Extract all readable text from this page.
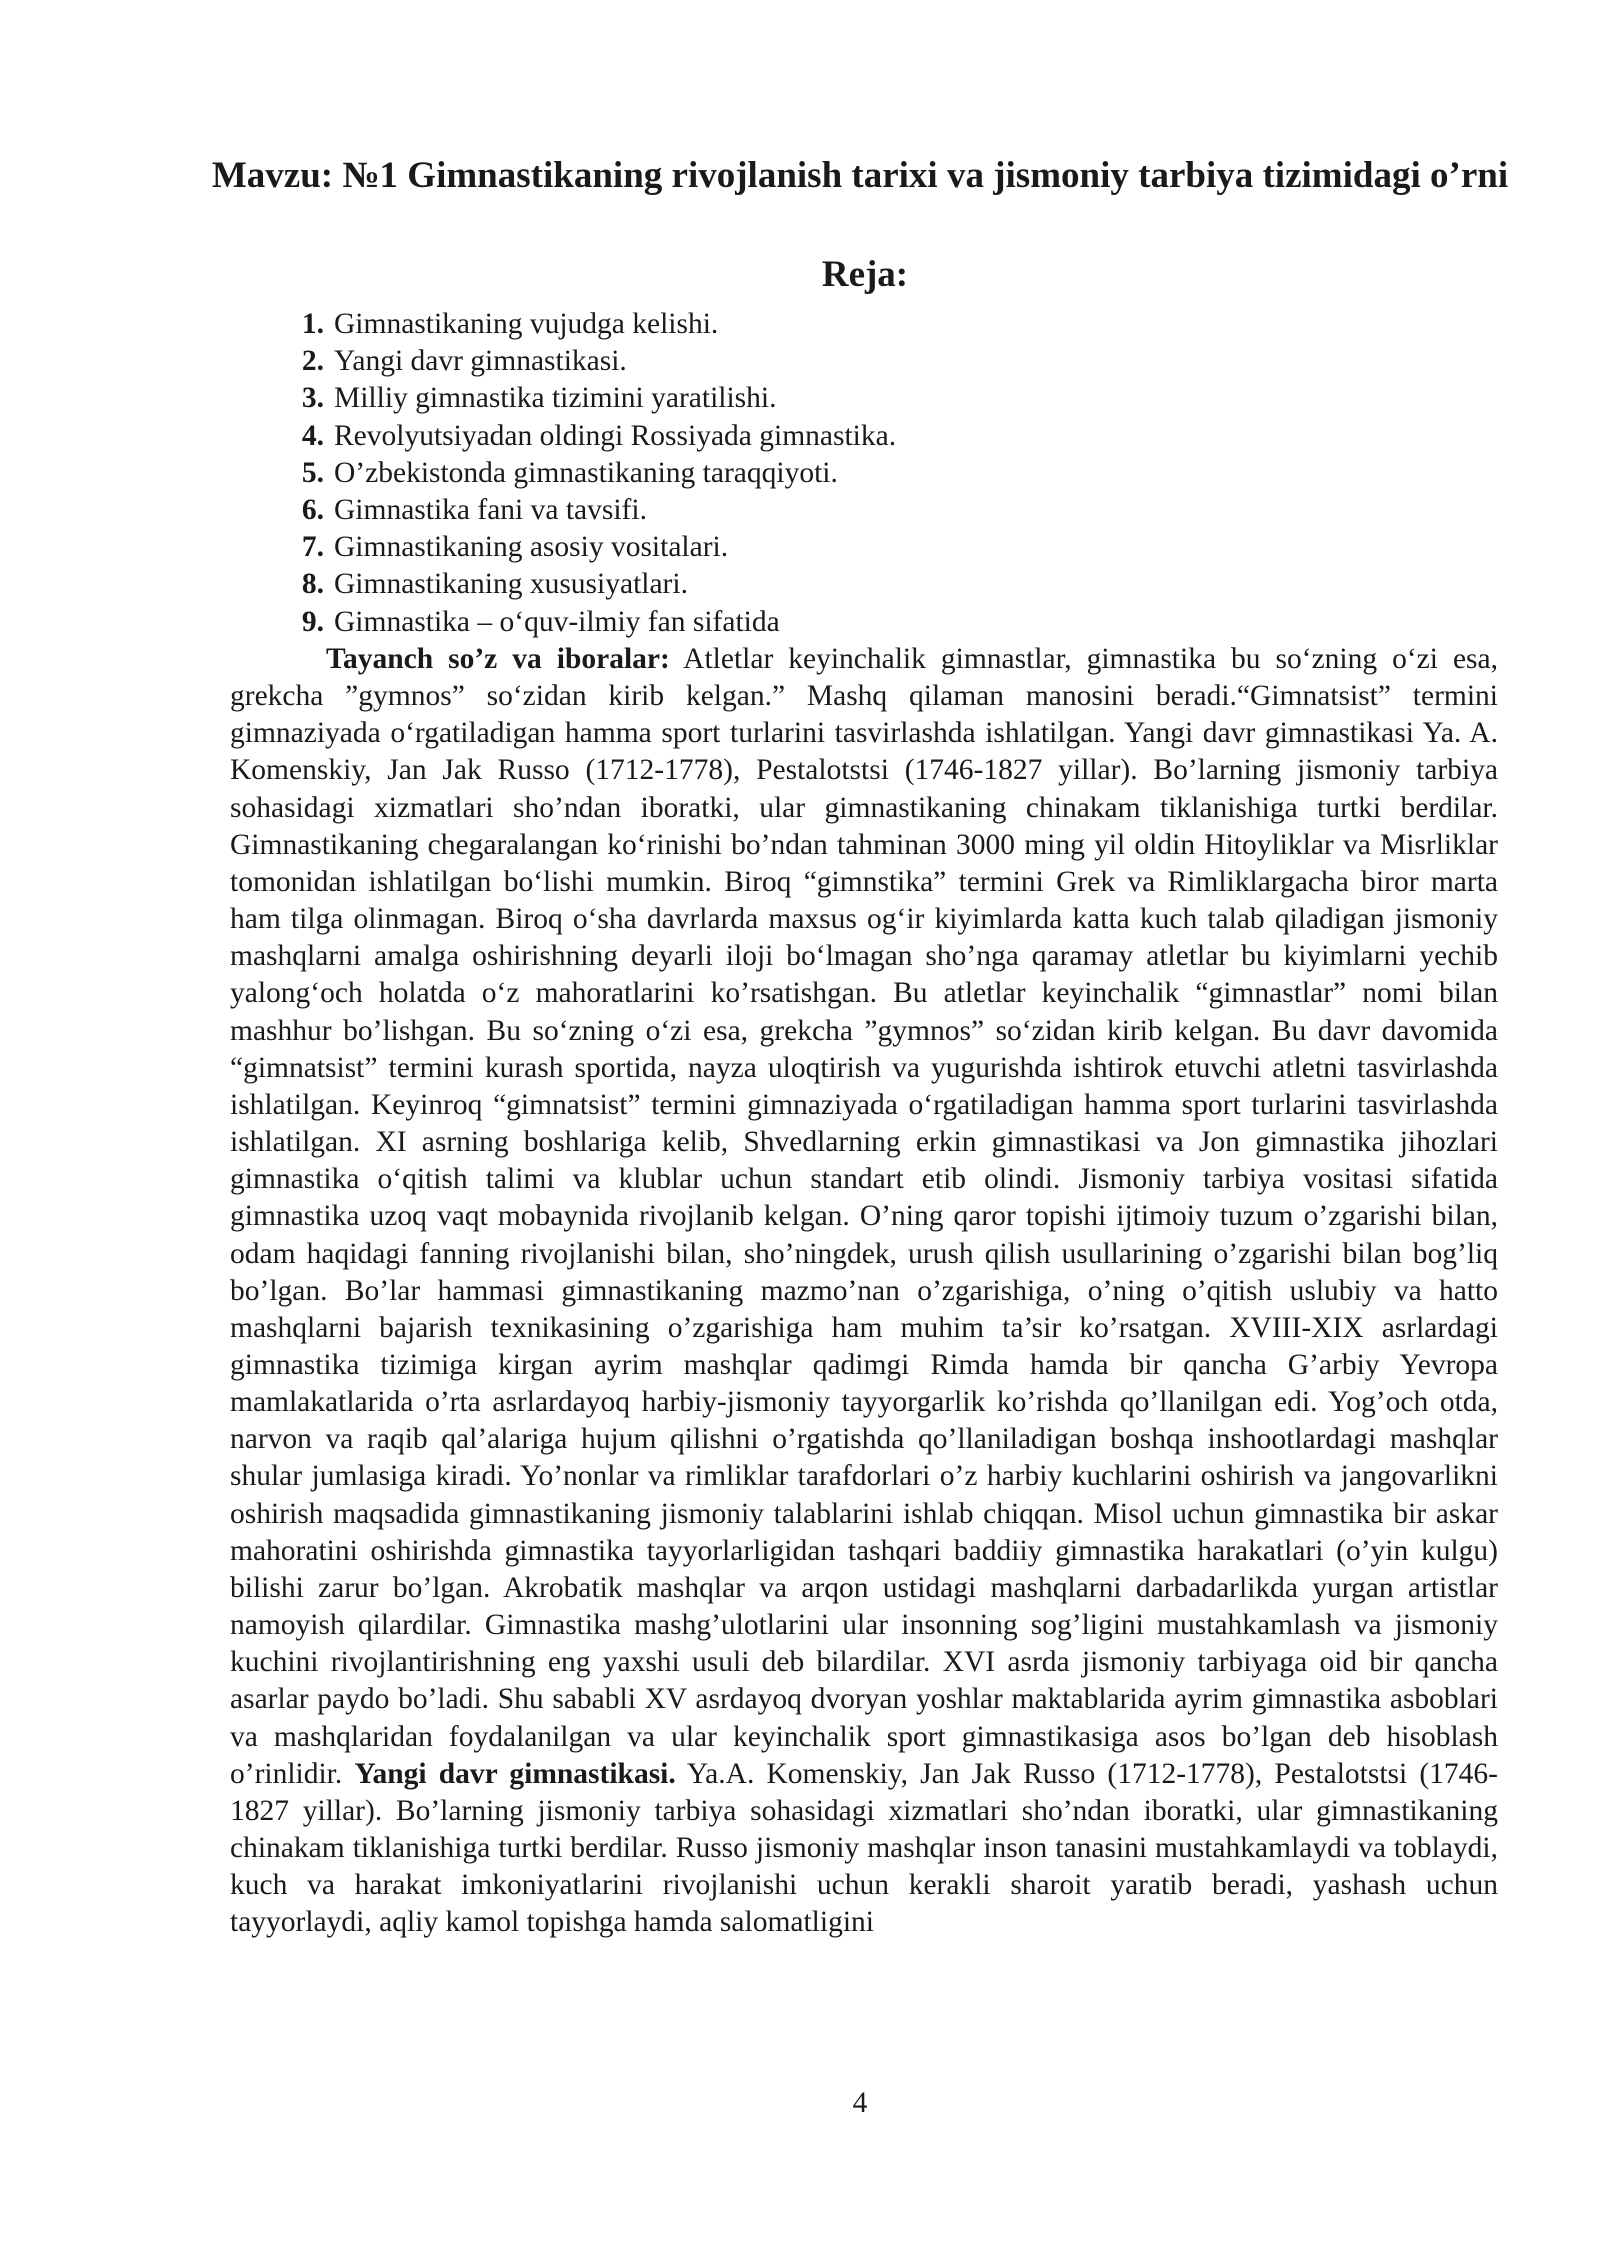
Mavzu: №1 Gimnastikaning rivojlanish tarixi va jismoniy tarbiya tizimidagi o’rni
Reja:
1. Gimnastikaning vujudga kelishi.
2. Yangi davr gimnastikasi.
3. Milliy gimnastika tizimini yaratilishi.
4. Revolyutsiyadan oldingi Rossiyada gimnastika.
5. O’zbekistonda gimnastikaning taraqqiyoti.
6. Gimnastika fani va tavsifi.
7. Gimnastikaning asosiy vositalari.
8. Gimnastikaning xususiyatlari.
9. Gimnastika – o‘quv-ilmiy fan sifatida
Tayanch so’z va iboralar: Atletlar keyinchalik gimnastlar, gimnastika bu so‘zning o‘zi esa, grekcha ”gymnos” so‘zidan kirib kelgan.” Mashq qilaman manosini beradi.“Gimnatsist” termini gimnaziyada o‘rgatiladigan hamma sport turlarini tasvirlashda ishlatilgan. Yangi davr gimnastikasi Ya. A. Komenskiy, Jan Jak Russo (1712-1778), Pestalotstsi (1746-1827 yillar). Bo’larning jismoniy tarbiya sohasidagi xizmatlari sho’ndan iboratki, ular gimnastikaning chinakam tiklanishiga turtki berdilar. Gimnastikaning chegaralangan ko‘rinishi bo’ndan tahminan 3000 ming yil oldin Hitoyliklar va Misrliklar tomonidan ishlatilgan bo‘lishi mumkin. Biroq “gimnstika” termini Grek va Rimliklargacha biror marta ham tilga olinmagan. Biroq o‘sha davrlarda maxsus og‘ir kiyimlarda katta kuch talab qiladigan jismoniy mashqlarni amalga oshirishning deyarli iloji bo‘lmagan sho’nga qaramay atletlar bu kiyimlarni yechib yalong‘och holatda o‘z mahoratlarini ko’rsatishgan. Bu atletlar keyinchalik “gimnastlar” nomi bilan mashhur bo’lishgan. Bu so‘zning o‘zi esa, grekcha ”gymnos” so‘zidan kirib kelgan. Bu davr davomida “gimnatsist” termini kurash sportida, nayza uloqtirish va yugurishda ishtirok etuvchi atletni tasvirlashda ishlatilgan. Keyinroq “gimnatsist” termini gimnaziyada o‘rgatiladigan hamma sport turlarini tasvirlashda ishlatilgan. XI asrning boshlariga kelib, Shvedlarning erkin gimnastikasi va Jon gimnastika jihozlari gimnastika o‘qitish talimi va klublar uchun standart etib olindi. Jismoniy tarbiya vositasi sifatida gimnastika uzoq vaqt mobaynida rivojlanib kelgan. O’ning qaror topishi ijtimoiy tuzum o’zgarishi bilan, odam haqidagi fanning rivojlanishi bilan, sho’ningdek, urush qilish usullarining o’zgarishi bilan bog’liq bo’lgan. Bo’lar hammasi gimnastikaning mazmo’nan o’zgarishiga, o’ning o’qitish uslubiy va hatto mashqlarni bajarish texnikasining o’zgarishiga ham muhim ta’sir ko’rsatgan. XVIII-XIX asrlardagi gimnastika tizimiga kirgan ayrim mashqlar qadimgi Rimda hamda bir qancha G’arbiy Yevropa mamlakatlarida o’rta asrlardayoq harbiy-jismoniy tayyorgarlik ko’rishda qo’llanilgan edi. Yog’och otda, narvon va raqib qal’alariga hujum qilishni o’rgatishda qo’llaniladigan boshqa inshootlardagi mashqlar shular jumlasiga kiradi. Yo’nonlar va rimliklar tarafdorlari o’z harbiy kuchlarini oshirish va jangovarlikni oshirish maqsadida gimnastikaning jismoniy talablarini ishlab chiqqan. Misol uchun gimnastika bir askar mahoratini oshirishda gimnastika tayyorlarligidan tashqari baddiiy gimnastika harakatlari (o’yin kulgu) bilishi zarur bo’lgan. Akrobatik mashqlar va arqon ustidagi mashqlarni darbadarlikda yurgan artistlar namoyish qilardilar. Gimnastika mashg’ulotlarini ular insonning sog’ligini mustahkamlash va jismoniy kuchini rivojlantirishning eng yaxshi usuli deb bilardilar. XVI asrda jismoniy tarbiyaga oid bir qancha asarlar paydo bo’ladi. Shu sababli XV asrdayoq dvoryan yoshlar maktablarida ayrim gimnastika asboblari va mashqlaridan foydalanilgan va ular keyinchalik sport gimnastikasiga asos bo’lgan deb hisoblash o’rinlidir. Yangi davr gimnastikasi. Ya.A. Komenskiy, Jan Jak Russo (1712-1778), Pestalotstsi (1746-1827 yillar). Bo’larning jismoniy tarbiya sohasidagi xizmatlari sho’ndan iboratki, ular gimnastikaning chinakam tiklanishiga turtki berdilar. Russo jismoniy mashqlar inson tanasini mustahkamlaydi va toblaydi, kuch va harakat imkoniyatlarini rivojlanishi uchun kerakli sharoit yaratib beradi, yashash uchun tayyorlaydi, aqliy kamol topishga hamda salomatligini
4
